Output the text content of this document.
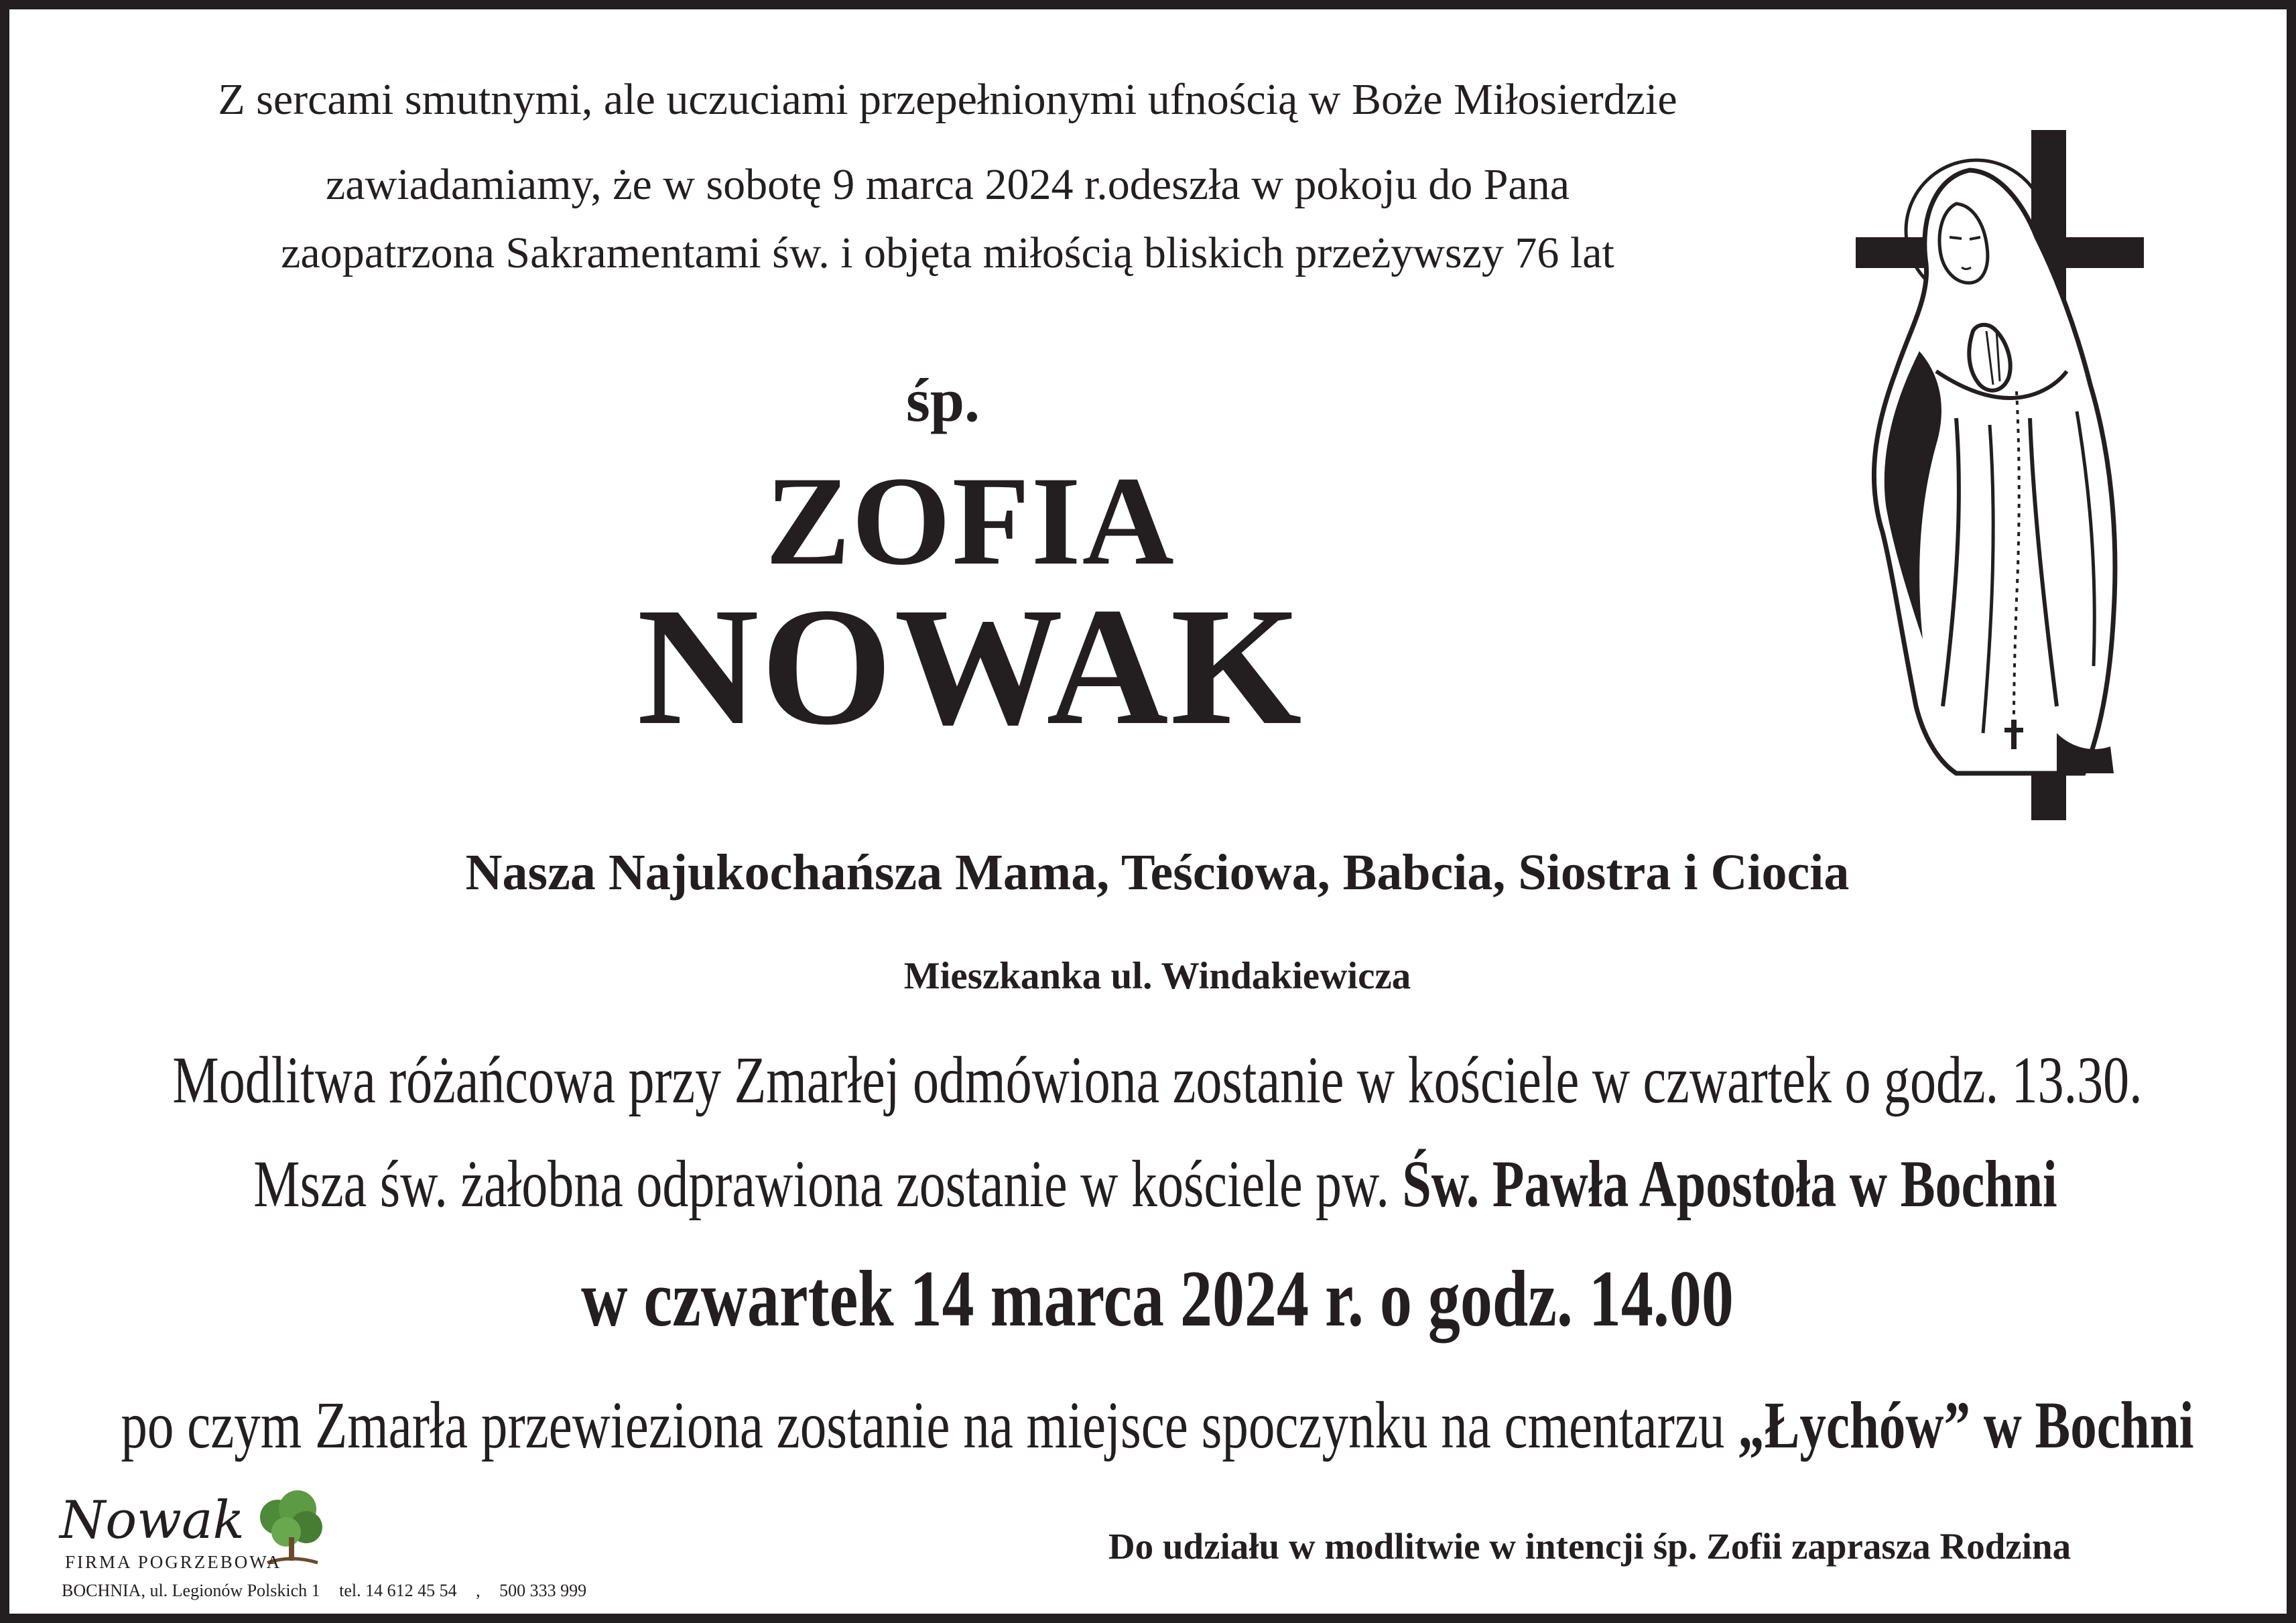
Z sercami smutnymi, ale uczuciami przepełnionymi ufnością w Boże Miłosierdzie
zawiadamiamy, że w sobotę 9 marca 2024 r.odeszła w pokoju do Pana
zaopatrzona Sakramentami św. i objęta miłością bliskich przeżywszy 76 lat
śp.
ZOFIA
NOWAK
Nasza Najukochańsza Mama, Teściowa, Babcia, Siostra i Ciocia
Mieszkanka ul. Windakiewicza
Modlitwa różańcowa przy Zmarłej odmówiona zostanie w kościele w czwartek o godz. 13.30.
Msza św. żałobna odprawiona zostanie w kościele pw. Św. Pawła Apostoła w Bochni
w czwartek 14 marca 2024 r. o godz. 14.00
po czym Zmarła przewieziona zostanie na miejsce spoczynku na cmentarzu „Łychów” w Bochni
Do udziału w modlitwie w intencji śp. Zofii zaprasza Rodzina
Nowak
FIRMA POGRZEBOWA
BOCHNIA, ul. Legionów Polskich 1 tel. 14 612 45 54 , 500 333 999
